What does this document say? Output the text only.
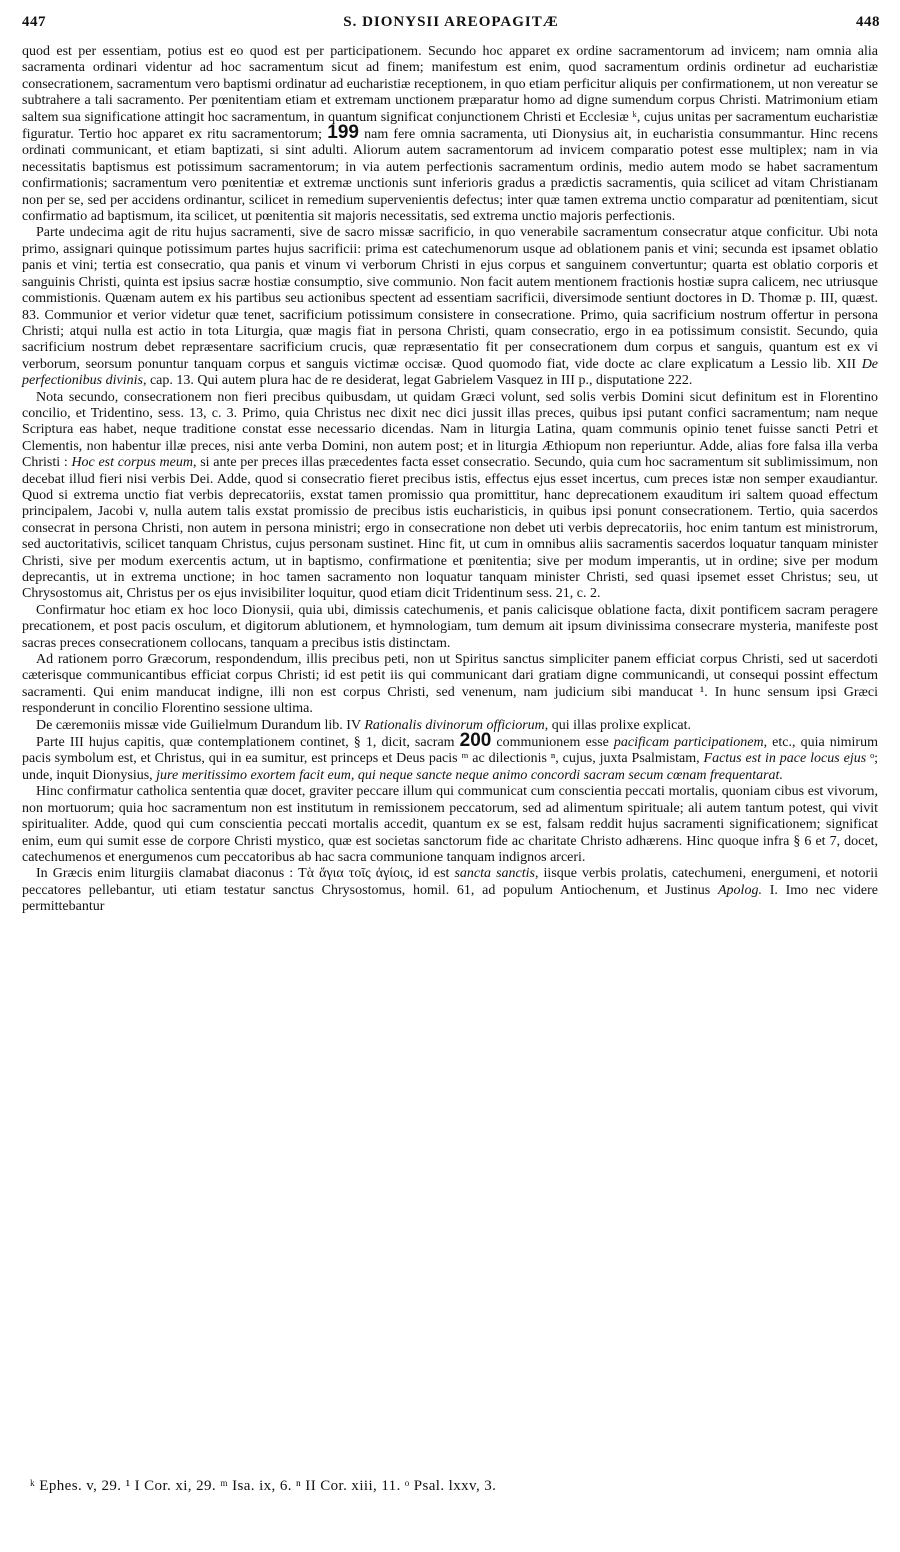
447	S. DIONYSII AREOPAGITÆ	448

quod est per essentiam, potius est eo quod est per participationem. Secundo hoc apparet ex ordine sacramentorum ad invicem; nam omnia alia sacramenta ordinari videntur ad hoc sacramentum sicut ad finem; manifestum est enim, quod sacramentum ordinis ordinetur ad eucharistiæ consecrationem, sacramentum vero baptismi ordinatur ad eucharistiæ receptionem, in quo etiam perficitur aliquis per confirmationem, ut non vereatur se subtrahere a tali sacramento. Per pœnitentiam etiam et extremam unctionem præparatur homo ad digne sumendum corpus Christi. Matrimonium etiam saltem sua significatione attingit hoc sacramentum, in quantum significat conjunctionem Christi et Ecclesiæ ᵏ, cujus unitas per sacramentum eucharistiæ figuratur. Tertio hoc apparet ex ritu sacramentorum; 199 nam fere omnia sacramenta, uti Dionysius ait, in eucharistia consummantur. Hinc recens ordinati communicant, et etiam baptizati, si sint adulti. Aliorum autem sacramentorum ad invicem comparatio potest esse multiplex; nam in via necessitatis baptismus est potissimum sacramentorum; in via autem perfectionis sacramentum ordinis, medio autem modo se habet sacramentum confirmationis; sacramentum vero pœnitentiæ et extremæ unctionis sunt inferioris gradus a prædictis sacramentis, quia scilicet ad vitam Christianam non per se, sed per accidens ordinantur, scilicet in remedium supervenientis defectus; inter quæ tamen extrema unctio comparatur ad pœnitentiam, sicut confirmatio ad baptismum, ita scilicet, ut pœnitentia sit majoris necessitatis, sed extrema unctio majoris perfectionis.

Parte undecima agit de ritu hujus sacramenti, sive de sacro missæ sacrificio, in quo venerabile sacramentum consecratur atque conficitur. Ubi nota primo, assignari quinque potissimum partes hujus sacrificii: prima est catechumenorum usque ad oblationem panis et vini; secunda est ipsamet oblatio panis et vini; tertia est consecratio, qua panis et vinum vi verborum Christi in ejus corpus et sanguinem convertuntur; quarta est oblatio corporis et sanguinis Christi, quinta est ipsius sacræ hostiæ consumptio, sive communio. Non facit autem mentionem fractionis hostiæ supra calicem, nec utriusque commistionis. Quænam autem ex his partibus seu actionibus spectent ad essentiam sacrificii, diversimode sentiunt doctores in D. Thomæ p. III, quæst. 83. Communior et verior videtur quæ tenet, sacrificium potissimum consistere in consecratione. Primo, quia sacrificium nostrum offertur in persona Christi; atqui nulla est actio in tota Liturgia, quæ magis fiat in persona Christi, quam consecratio, ergo in ea potissimum consistit. Secundo, quia sacrificium nostrum debet repræsentare sacrificium crucis, quæ repræsentatio fit per consecrationem dum corpus et sanguis, quantum est ex vi verborum, seorsum ponuntur tanquam corpus et sanguis victimæ occisæ. Quod quomodo fiat, vide docte ac clare explicatum a Lessio lib. XII De perfectionibus divinis, cap. 13. Qui autem plura hac de re desiderat, legat Gabrielem Vasquez in III p., disputatione 222.

Nota secundo, consecrationem non fieri precibus quibusdam, ut quidam Græci volunt, sed solis verbis Domini sicut definitum est in Florentino concilio, et Tridentino, sess. 13, c. 3. Primo, quia Christus nec dixit nec dici jussit illas preces, quibus ipsi putant confici sacramentum; nam neque Scriptura eas habet, neque traditione constat esse necessario dicendas. Nam in liturgia Latina, quam communis opinio tenet fuisse sancti Petri et Clementis, non habentur illæ preces, nisi ante verba Domini, non autem post; et in liturgia Æthiopum non reperiuntur. Adde, alias fore falsa illa verba Christi : Hoc est corpus meum, si ante per preces illas præcedentes facta esset consecratio. Secundo, quia cum hoc sacramentum sit sublimissimum, non decebat illud fieri nisi verbis Dei. Adde, quod si consecratio fieret precibus istis, effectus ejus esset incertus, cum preces istæ non semper exaudiantur. Quod si extrema unctio fiat verbis deprecatoriis, exstat tamen promissio qua promittitur, hanc deprecationem exauditum iri saltem quoad effectum principalem, Jacobi v, nulla autem talis exstat promissio de precibus istis eucharisticis, in quibus ipsi ponunt consecrationem. Tertio, quia sacerdos consecrat in persona Christi, non autem in persona ministri; ergo in consecratione non debet uti verbis deprecatoriis, hoc enim tantum est ministrorum, sed auctoritativis, scilicet tanquam Christus, cujus personam sustinet. Hinc fit, ut cum in omnibus aliis sacramentis sacerdos loquatur tanquam minister Christi, sive per modum exercentis actum, ut in baptismo, confirmatione et pœnitentia; sive per modum imperantis, ut in ordine; sive per modum deprecantis, ut in extrema unctione; in hoc tamen sacramento non loquatur tanquam minister Christi, sed quasi ipsemet esset Christus; seu, ut Chrysostomus ait, Christus per os ejus invisibiliter loquitur, quod etiam dicit Tridentinum sess. 21, c. 2.

Confirmatur hoc etiam ex hoc loco Dionysii, quia ubi, dimissis catechumenis, et panis calicisque oblatione facta, dixit pontificem sacram peragere precationem, et post pacis osculum, et digitorum ablutionem, et hymnologiam, tum demum ait ipsum divinissima consecrare mysteria, manifeste post sacras preces consecrationem collocans, tanquam a precibus istis distinctam.

Ad rationem porro Græcorum, respondendum, illis precibus peti, non ut Spiritus sanctus simpliciter panem efficiat corpus Christi, sed ut sacerdoti cæterisque communicantibus efficiat corpus Christi; id est petit iis qui communicant dari gratiam digne communicandi, ut consequi possint effectum sacramenti. Qui enim manducat indigne, illi non est corpus Christi, sed venenum, nam judicium sibi manducat ¹. In hunc sensum ipsi Græci responderunt in concilio Florentino sessione ultima.

De cæremoniis missæ vide Guilielmum Durandum lib. IV Rationalis divinorum officiorum, qui illas prolixe explicat.

Parte III hujus capitis, quæ contemplationem continet, § 1, dicit, sacram 200 communionem esse pacificam participationem, etc., quia nimirum pacis symbolum est, et Christus, qui in ea sumitur, est princeps et Deus pacis ᵐ ac dilectionis ⁿ, cujus, juxta Psalmistam, Factus est in pace locus ejus ᵒ; unde, inquit Dionysius, jure meritissimo exortem facit eum, qui neque sancte neque animo concordi sacram secum cœnam frequentarat.

Hinc confirmatur catholica sententia quæ docet, graviter peccare illum qui communicat cum conscientia peccati mortalis, quoniam cibus est vivorum, non mortuorum; quia hoc sacramentum non est institutum in remissionem peccatorum, sed ad alimentum spirituale; ali autem tantum potest, qui vivit spiritualiter. Adde, quod qui cum conscientia peccati mortalis accedit, quantum ex se est, falsam reddit hujus sacramenti significationem; significat enim, eum qui sumit esse de corpore Christi mystico, quæ est societas sanctorum fide ac charitate Christo adhærens. Hinc quoque infra § 6 et 7, docet, catechumenos et energumenos cum peccatoribus ab hac sacra communione tanquam indignos arceri.

In Græcis enim liturgiis clamabat diaconus : Τὰ ἅγια τοῖς ἁγίοις, id est sancta sanctis, iisque verbis prolatis, catechumeni, energumeni, et notorii peccatores pellebantur, uti etiam testatur sanctus Chrysostomus, homil. 61, ad populum Antiochenum, et Justinus Apolog. I. Imo nec videre permittebantur

ᵏ Ephes. v, 29. ¹ I Cor. xi, 29. ᵐ Isa. ix, 6. ⁿ II Cor. xiii, 11. ᵒ Psal. lxxv, 3.
